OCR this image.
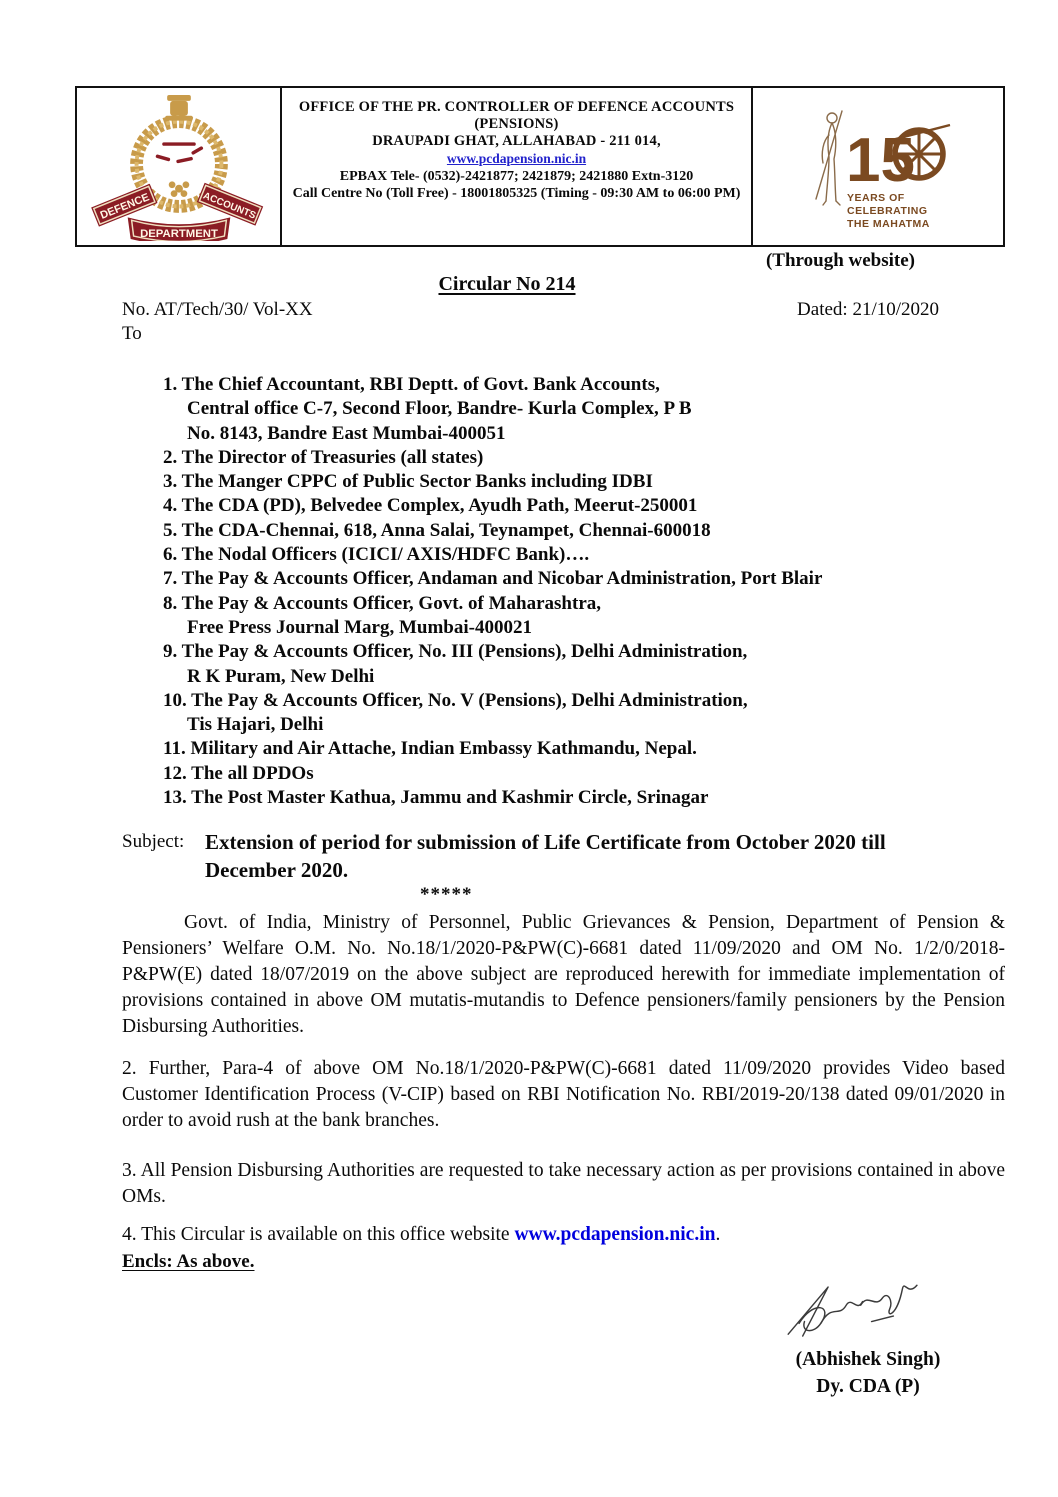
DEFENCE	ACCOUNTS
DEPARTMENT
OFFICE OF THE PR. CONTROLLER OF DEFENCE ACCOUNTS
(PENSIONS)
DRAUPADI GHAT, ALLAHABAD - 211 014,
www.pcdapension.nic.in
EPBAX Tele- (0532)-2421877; 2421879; 2421880 Extn-3120
Call Centre No (Toll Free) - 18001805325 (Timing - 09:30 AM to 06:00 PM) 15
YEARS OF
CELEBRATING
THE MAHATMA
(Through website)
Circular No 214
No. AT/Tech/30/ Vol-XX	Dated: 21/10/2020
To
1. The Chief Accountant, RBI Deptt. of Govt. Bank Accounts,
Central office C-7, Second Floor, Bandre- Kurla Complex, P B
No. 8143, Bandre East Mumbai-400051
2. The Director of Treasuries (all states)
3. The Manger CPPC of Public Sector Banks including IDBI
4. The CDA (PD), Belvedee Complex, Ayudh Path, Meerut-250001
5. The CDA-Chennai, 618, Anna Salai, Teynampet, Chennai-600018
6. The Nodal Officers (ICICI/ AXIS/HDFC Bank)….
7. The Pay & Accounts Officer, Andaman and Nicobar Administration, Port Blair
8. The Pay & Accounts Officer, Govt. of Maharashtra,
Free Press Journal Marg, Mumbai-400021
9. The Pay & Accounts Officer, No. III (Pensions), Delhi Administration,
R K Puram, New Delhi
10. The Pay & Accounts Officer, No. V (Pensions), Delhi Administration,
Tis Hajari, Delhi
11. Military and Air Attache, Indian Embassy Kathmandu, Nepal.
12. The all DPDOs
13. The Post Master Kathua, Jammu and Kashmir Circle, Srinagar
Subject: Extension of period for submission of Life Certificate from October 2020 till
December 2020.
*****

Govt. of India, Ministry of Personnel, Public Grievances & Pension, Department of Pension & Pensioners’ Welfare O.M. No. No.18/1/2020-P&PW(C)-6681 dated 11/09/2020 and OM No. 1/2/0/2018-P&PW(E) dated 18/07/2019 on the above subject are reproduced herewith for immediate implementation of provisions contained in above OM mutatis-mutandis to Defence pensioners/family pensioners by the Pension Disbursing Authorities.

2. Further, Para-4 of above OM No.18/1/2020-P&PW(C)-6681 dated 11/09/2020 provides Video based Customer Identification Process (V-CIP) based on RBI Notification No. RBI/2019-20/138 dated 09/01/2020 in order to avoid rush at the bank branches.

3. All Pension Disbursing Authorities are requested to take necessary action as per provisions contained in above OMs.

4. This Circular is available on this office website www.pcdapension.nic.in.

Encls: As above.
(Abhishek Singh)
Dy. CDA (P)
